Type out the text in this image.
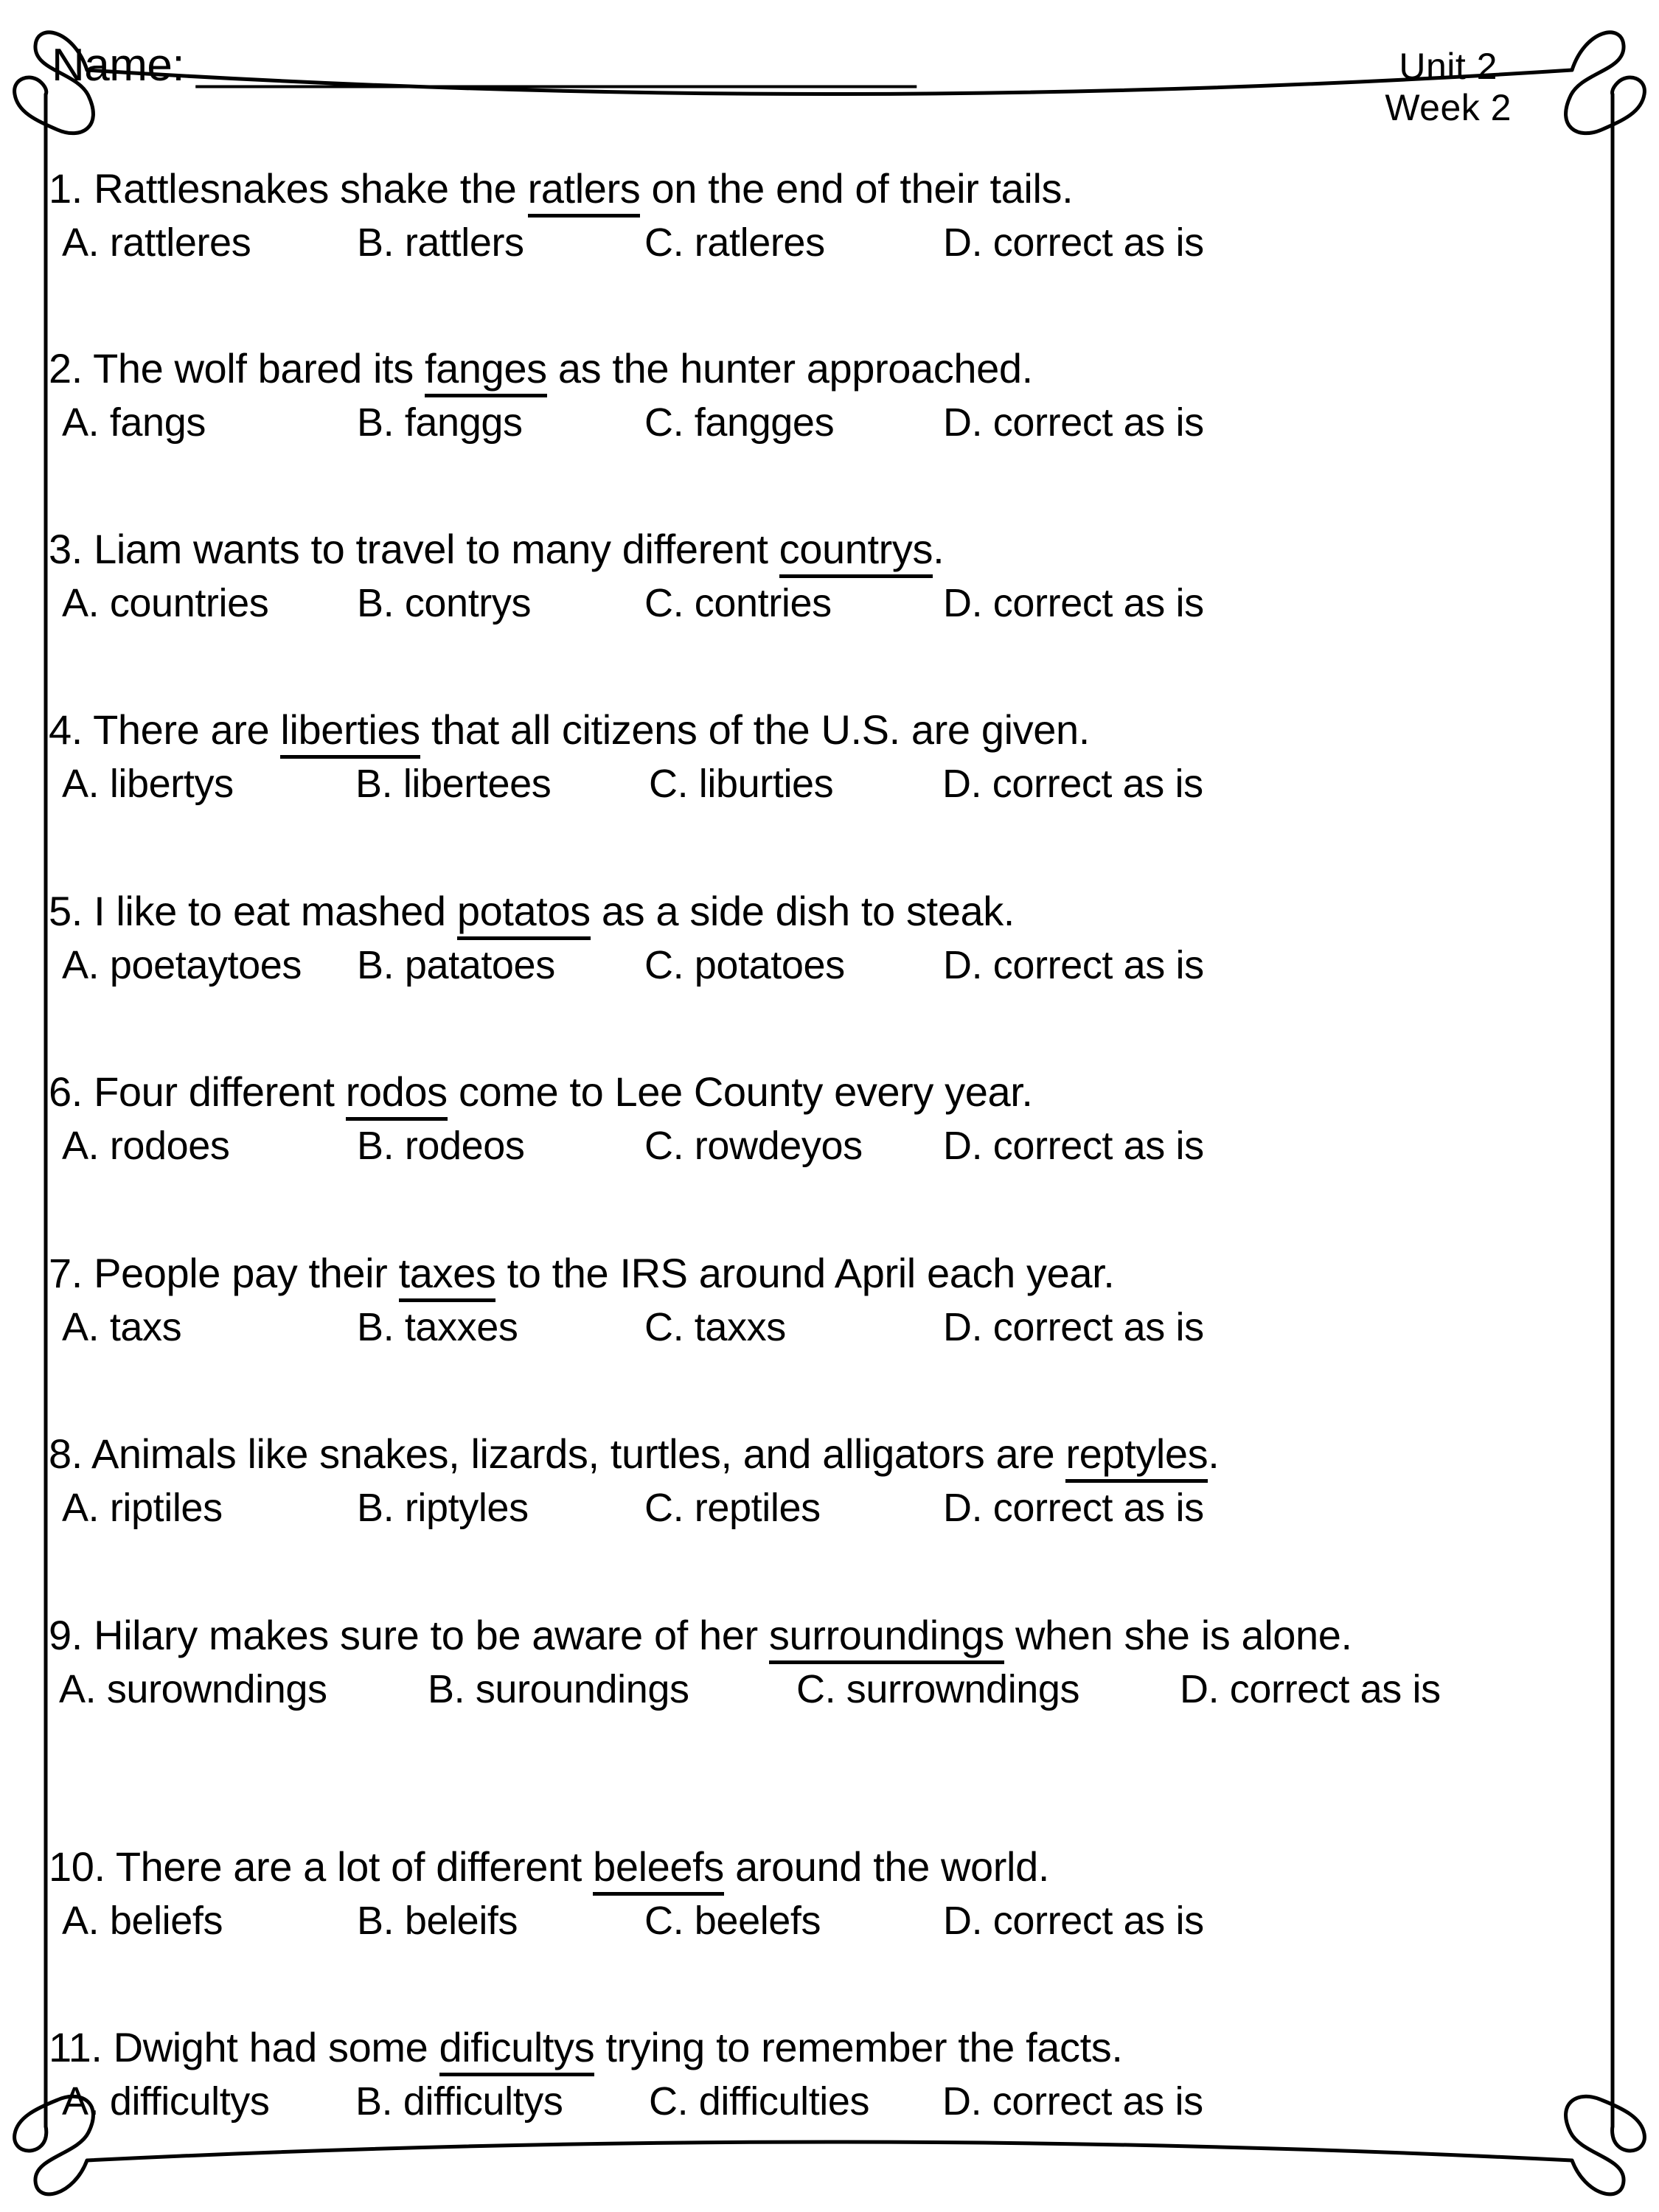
Name: ______________________________	Unit 2
Week 2
1. Rattlesnakes shake the ratlers on the end of their tails.
A. rattleres	B. rattlers	C. ratleres	D. correct as is
2. The wolf bared its fanges as the hunter approached.
A. fangs	B. fanggs	C. fangges	D. correct as is
3. Liam wants to travel to many different countrys.
A. countries	B. contrys	C. contries	D. correct as is
4. There are liberties that all citizens of the U.S. are given.
A. libertys	B. libertees	C. liburties	D. correct as is
5. I like to eat mashed potatos as a side dish to steak.
A. poetaytoes	B. patatoes	C. potatoes	D. correct as is
6. Four different rodos come to Lee County every year.
A. rodoes	B. rodeos	C. rowdeyos	D. correct as is
7. People pay their taxes to the IRS around April each year.
A. taxs	B. taxxes	C. taxxs	D. correct as is
8. Animals like snakes, lizards, turtles, and alligators are reptyles.
A. riptiles	B. riptyles	C. reptiles	D. correct as is
9. Hilary makes sure to be aware of her surroundings when she is alone.
A. surowndings	B. suroundings	C. surrowndings	D. correct as is
10. There are a lot of different beleefs around the world.
A. beliefs	B. beleifs	C. beelefs	D. correct as is
11. Dwight had some dificultys trying to remember the facts.
A. difficultys	B. difficultys	C. difficulties	D. correct as is
